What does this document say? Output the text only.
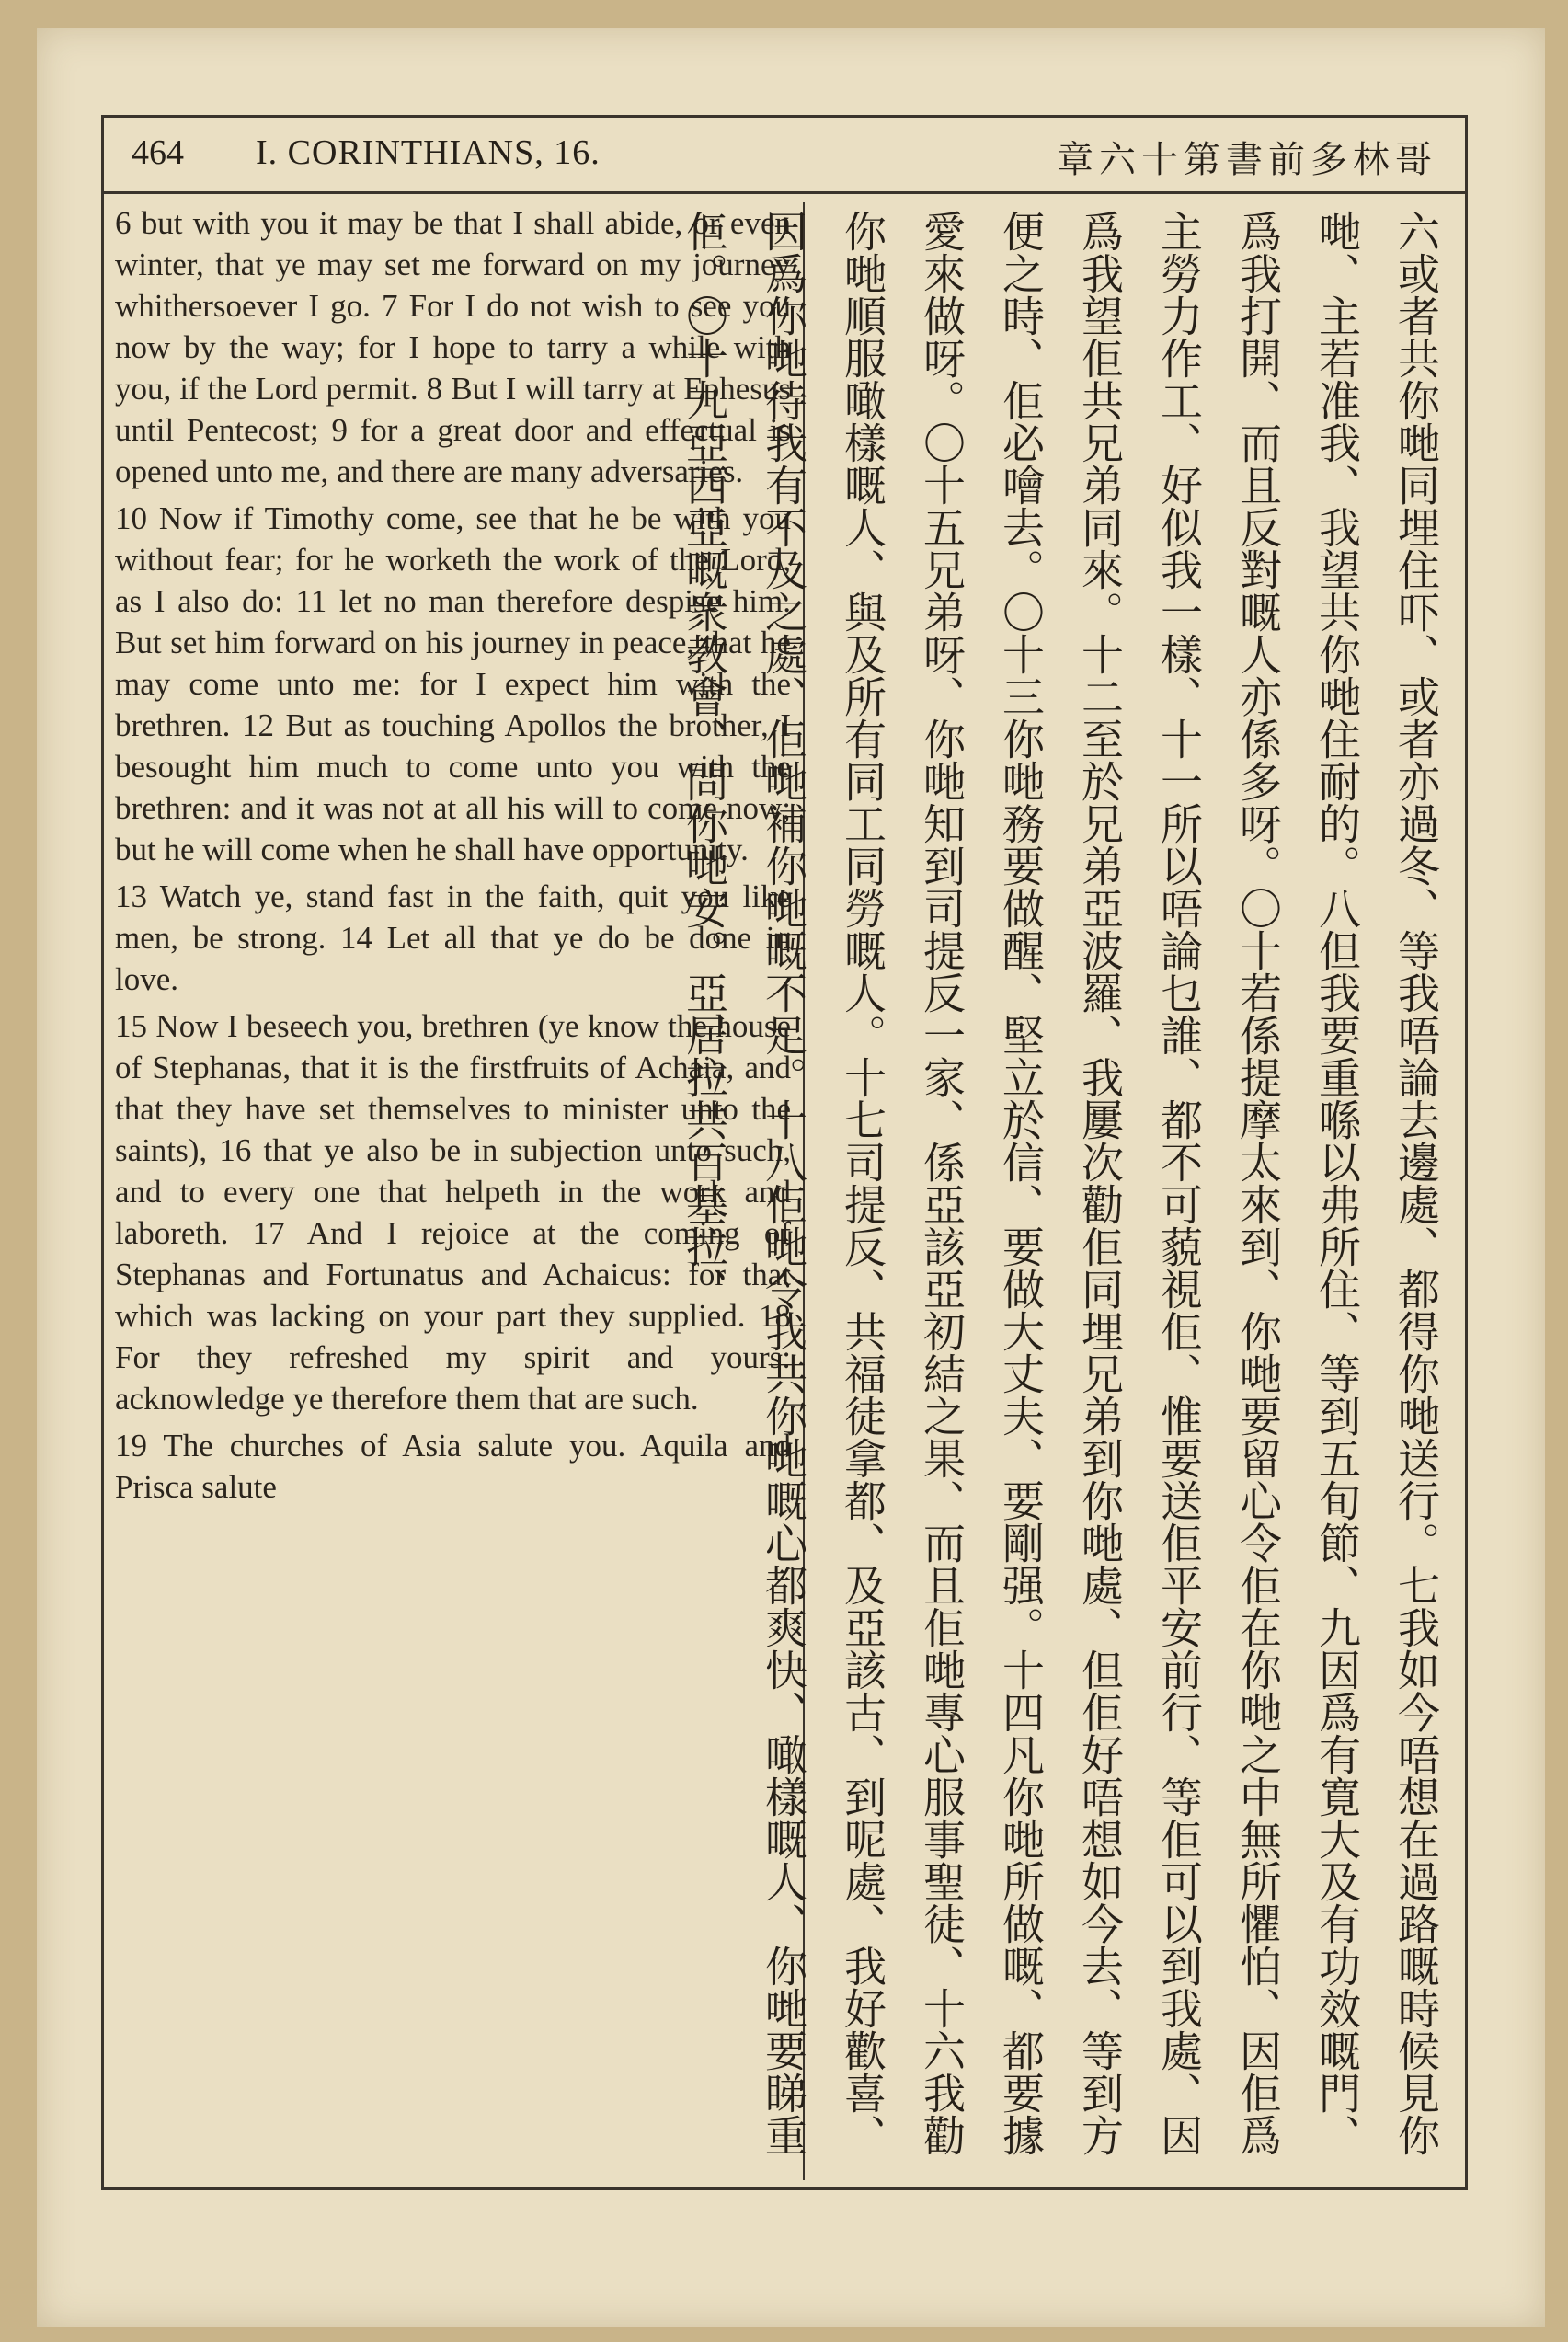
464 I. CORINTHIANS, 16.	章六十第書前多林哥

6 but with you it may be that I shall abide, or even winter, that ye may set me forward on my journey whithersoever I go. 7 For I do not wish to see you now by the way; for I hope to tarry a while with you, if the Lord permit. 8 But I will tarry at Ephesus until Pentecost; 9 for a great door and effectual is opened unto me, and there are many adversaries.

10 Now if Timothy come, see that he be with you without fear; for he worketh the work of the Lord, as I also do: 11 let no man therefore despise him. But set him forward on his journey in peace, that he may come unto me: for I expect him with the brethren. 12 But as touching Apollos the brother, I besought him much to come unto you with the brethren: and it was not at all his will to come now; but he will come when he shall have opportunity.

13 Watch ye, stand fast in the faith, quit you like men, be strong. 14 Let all that ye do be done in love.

15 Now I beseech you, brethren (ye know the house of Stephanas, that it is the firstfruits of Achaia, and that they have set themselves to minister unto the saints), 16 that ye also be in subjection unto such, and to every one that helpeth in the work and laboreth. 17 And I rejoice at the coming of Stephanas and Fortunatus and Achaicus: for that which was lacking on your part they supplied. 18 For they refreshed my spirit and yours: acknowledge ye therefore them that are such.

19 The churches of Asia salute you. Aquila and Prisca salute	六或者共你哋同埋住吓、或者亦過冬、等我唔論去邊處、都得你哋送行。七我如今唔想在過路嘅時候見你哋、主若准我、我望共你哋住耐的。八但我要重喺以弗所住、等到五旬節、九因爲有寛大及有功效嘅門、爲我打開、而且反對嘅人亦係多呀。〇十若係提摩太來到、你哋要留心令佢在你哋之中無所懼怕、因佢爲主勞力作工、好似我一樣、十一所以唔論乜誰、都不可藐視佢、惟要送佢平安前行、等佢可以到我處、因爲我望佢共兄弟同來。十二至於兄弟亞波羅、我屢次勸佢同埋兄弟到你哋處、但佢好唔想如今去、等到方便之時、佢必噲去。〇十三你哋務要做醒、堅立於信、要做大丈夫、要剛强。十四凡你哋所做嘅、都要據愛來做呀。〇十五兄弟呀、你哋知到司提反一家、係亞該亞初結之果、而且佢哋專心服事聖徒、十六我勸你哋順服噉樣嘅人、與及所有同工同勞嘅人。十七司提反、共福徒拿都、及亞該古、到呢處、我好歡喜、因爲你哋待我有不及之處、佢哋補你哋嘅不足。十八佢哋令我共你哋嘅心都爽快、噉樣嘅人、你哋要睇重佢。〇十九亞西亞嘅衆教會、問你哋安。亞居拉共百基拉、
